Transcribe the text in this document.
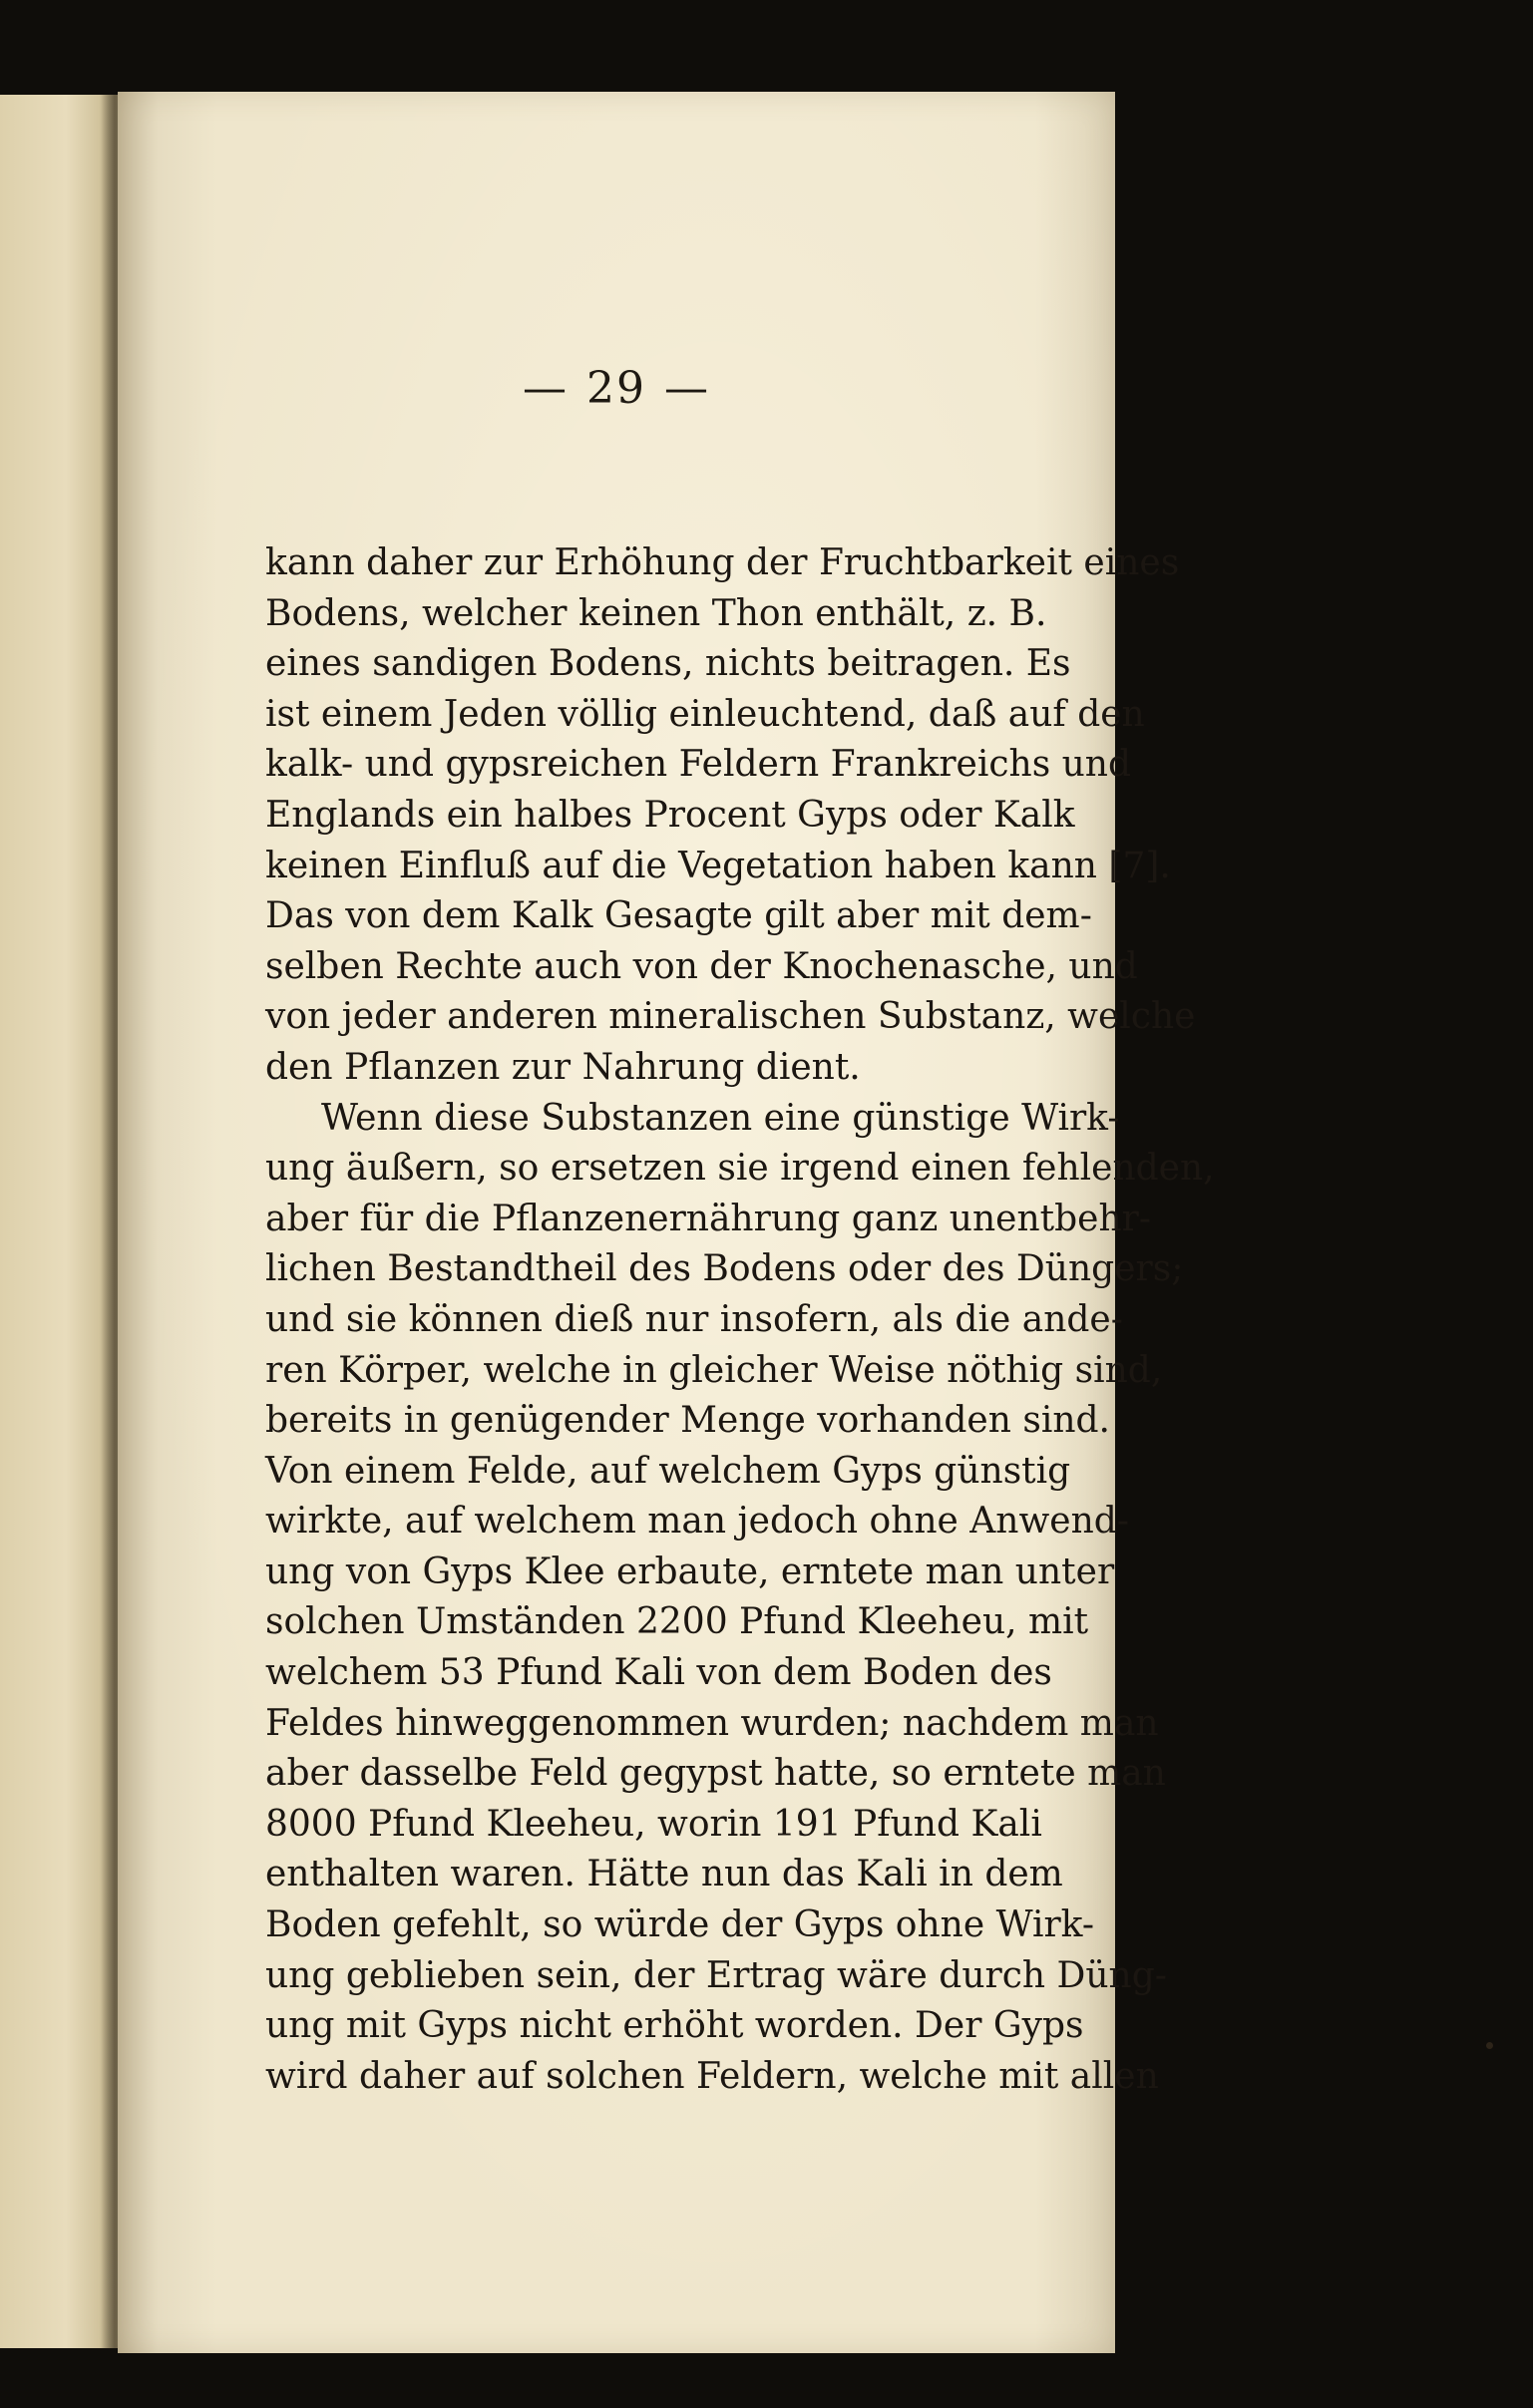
— 29 —
kann daher zur Erhöhung der Fruchtbarkeit eines
Bodens, welcher keinen Thon enthält, z. B.
eines sandigen Bodens, nichts beitragen. Es
ist einem Jeden völlig einleuchtend, daß auf den
kalk- und gypsreichen Feldern Frankreichs und
Englands ein halbes Procent Gyps oder Kalk
keinen Einfluß auf die Vegetation haben kann [7].
Das von dem Kalk Gesagte gilt aber mit dem-
selben Rechte auch von der Knochenasche, und
von jeder anderen mineralischen Substanz, welche
den Pflanzen zur Nahrung dient.
Wenn diese Substanzen eine günstige Wirk-
ung äußern, so ersetzen sie irgend einen fehlenden,
aber für die Pflanzenernährung ganz unentbehr-
lichen Bestandtheil des Bodens oder des Düngers;
und sie können dieß nur insofern, als die ande-
ren Körper, welche in gleicher Weise nöthig sind,
bereits in genügender Menge vorhanden sind.
Von einem Felde, auf welchem Gyps günstig
wirkte, auf welchem man jedoch ohne Anwend-
ung von Gyps Klee erbaute, erntete man unter
solchen Umständen 2200 Pfund Kleeheu, mit
welchem 53 Pfund Kali von dem Boden des
Feldes hinweggenommen wurden; nachdem man
aber dasselbe Feld gegypst hatte, so erntete man
8000 Pfund Kleeheu, worin 191 Pfund Kali
enthalten waren. Hätte nun das Kali in dem
Boden gefehlt, so würde der Gyps ohne Wirk-
ung geblieben sein, der Ertrag wäre durch Düng-
ung mit Gyps nicht erhöht worden. Der Gyps
wird daher auf solchen Feldern, welche mit allen
